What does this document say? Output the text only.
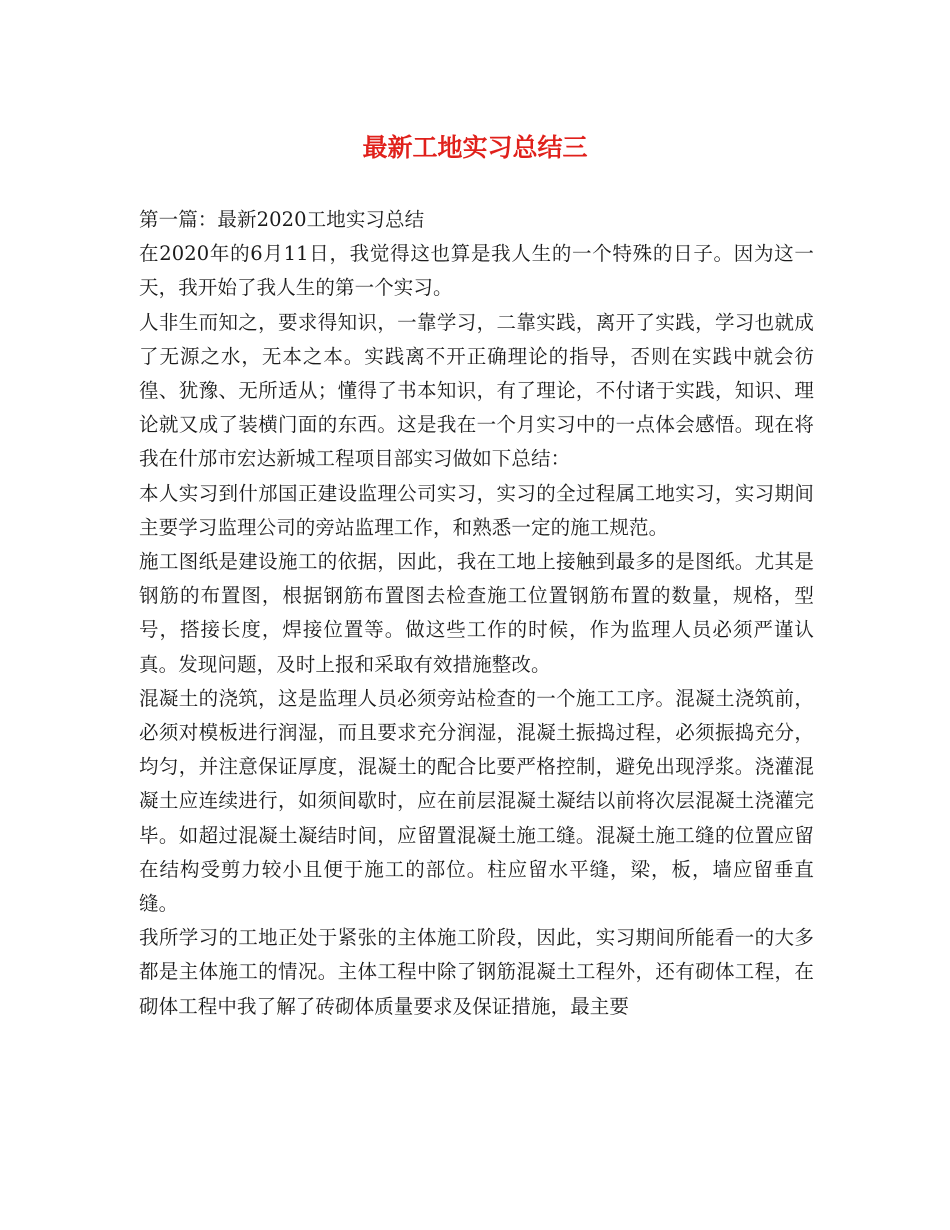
最新工地实习总结三

第一篇：最新2020工地实习总结

在2020年的6月11日，我觉得这也算是我人生的一个特殊的日子。因为这一天，我开始了我人生的第一个实习。

人非生而知之，要求得知识，一靠学习，二靠实践，离开了实践，学习也就成了无源之水，无本之本。实践离不开正确理论的指导，否则在实践中就会彷徨、犹豫、无所适从；懂得了书本知识，有了理论，不付诸于实践，知识、理论就又成了装横门面的东西。这是我在一个月实习中的一点体会感悟。现在将我在什邡市宏达新城工程项目部实习做如下总结：

本人实习到什邡国正建设监理公司实习，实习的全过程属工地实习，实习期间主要学习监理公司的旁站监理工作，和熟悉一定的施工规范。

施工图纸是建设施工的依据，因此，我在工地上接触到最多的是图纸。尤其是钢筋的布置图，根据钢筋布置图去检查施工位置钢筋布置的数量，规格，型号，搭接长度，焊接位置等。做这些工作的时候，作为监理人员必须严谨认真。发现问题，及时上报和采取有效措施整改。

混凝土的浇筑，这是监理人员必须旁站检查的一个施工工序。混凝土浇筑前，必须对模板进行润湿，而且要求充分润湿，混凝土振捣过程，必须振捣充分，均匀，并注意保证厚度，混凝土的配合比要严格控制，避免出现浮浆。浇灌混凝土应连续进行，如须间歇时，应在前层混凝土凝结以前将次层混凝土浇灌完毕。如超过混凝土凝结时间，应留置混凝土施工缝。混凝土施工缝的位置应留在结构受剪力较小且便于施工的部位。柱应留水平缝，梁，板，墙应留垂直缝。

我所学习的工地正处于紧张的主体施工阶段，因此，实习期间所能看一的大多都是主体施工的情况。主体工程中除了钢筋混凝土工程外，还有砌体工程，在砌体工程中我了解了砖砌体质量要求及保证措施，最主要
